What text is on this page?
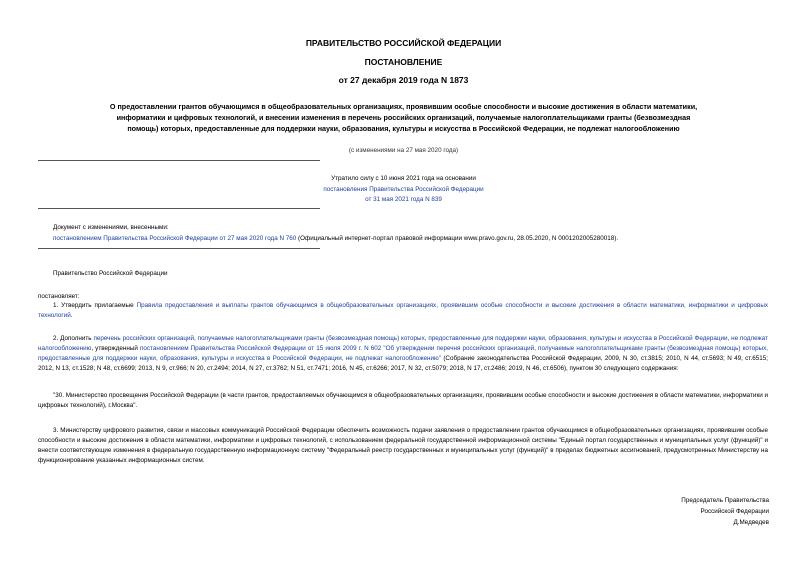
ПРАВИТЕЛЬСТВО РОССИЙСКОЙ ФЕДЕРАЦИИ
ПОСТАНОВЛЕНИЕ
от 27 декабря 2019 года N 1873
О предоставлении грантов обучающимся в общеобразовательных организациях, проявившим особые способности и высокие достижения в области математики,
информатики и цифровых технологий, и внесении изменения в перечень российских организаций, получаемые налогоплательщиками гранты (безвозмездная
помощь) которых, предоставленные для поддержки науки, образования, культуры и искусства в Российской Федерации, не подлежат налогообложению
(с изменениями на 27 мая 2020 года)
Утратило силу с 10 июня 2021 года на основании
постановления Правительства Российской Федерации
от 31 мая 2021 года N 839
Документ с изменениями, внесенными:
постановлением Правительства Российской Федерации от 27 мая 2020 года N 760 (Официальный интернет-портал правовой информации www.pravo.gov.ru, 28.05.2020, N 0001202005280018).
Правительство Российской Федерации
постановляет:
1. Утвердить прилагаемые Правила предоставления и выплаты грантов обучающимся в общеобразовательных организациях, проявившим особые способности и высокие достижения в области математики, информатики и цифровых технологий.
2. Дополнить перечень российских организаций, получаемые налогоплательщиками гранты (безвозмездная помощь) которых, предоставленные для поддержки науки, образования, культуры и искусства в Российской Федерации, не подлежат налогообложению, утвержденный постановлением Правительства Российской Федерации от 15 июля 2009 г. N 602 "Об утверждении перечня российских организаций, получаемые налогоплательщиками гранты (безвозмездная помощь) которых, предоставленные для поддержки науки, образования, культуры и искусства в Российской Федерации, не подлежат налогообложению" (Собрание законодательства Российской Федерации, 2009, N 30, ст.3815; 2010, N 44, ст.5693; N 49, ст.6515; 2012, N 13, ст.1528; N 48, ст.6699; 2013, N 9, ст.966; N 20, ст.2494; 2014, N 27, ст.3762; N 51, ст.7471; 2016, N 45, ст.6266; 2017, N 32, ст.5079; 2018, N 17, ст.2486; 2019, N 46, ст.6506), пунктом 30 следующего содержания:
"30. Министерство просвещения Российской Федерации (в части грантов, предоставляемых обучающимся в общеобразовательных организациях, проявившим особые способности и высокие достижения в области математики, информатики и цифровых технологий), г.Москва".
3. Министерству цифрового развития, связи и массовых коммуникаций Российской Федерации обеспечить возможность подачи заявления о предоставлении грантов обучающимся в общеобразовательных организациях, проявившим особые способности и высокие достижения в области математики, информатики и цифровых технологий, с использованием федеральной государственной информационной системы "Единый портал государственных и муниципальных услуг (функций)" и внести соответствующие изменения в федеральную государственную информационную систему "Федеральный реестр государственных и муниципальных услуг (функций)" в пределах бюджетных ассигнований, предусмотренных Министерству на функционирование указанных информационных систем.
Председатель Правительства
Российской Федерации
Д.Медведев
